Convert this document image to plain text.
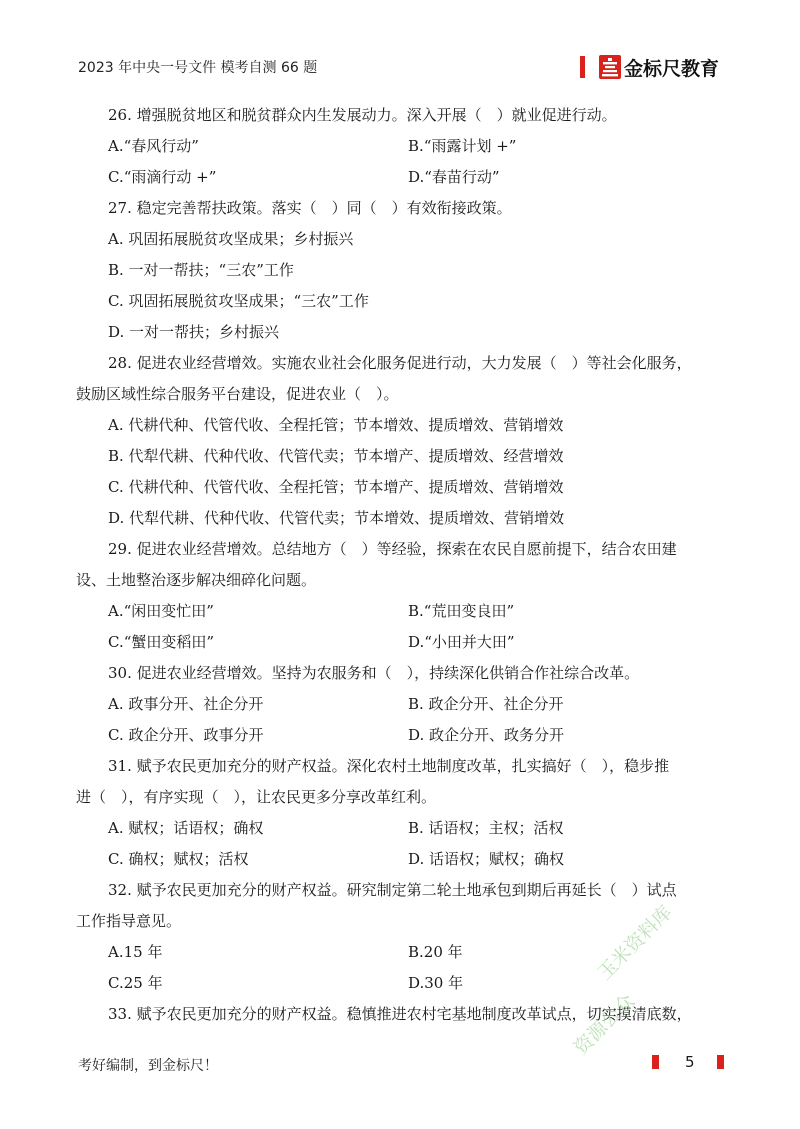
2023 年中央一号文件 模考自测 66 题	金标尺教育
26. 增强脱贫地区和脱贫群众内生发展动力。深入开展（　）就业促进行动。
A.“春风行动”	B.“雨露计划 +”
C.“雨滴行动 +”	D.“春苗行动”
27. 稳定完善帮扶政策。落实（　）同（　）有效衔接政策。
A. 巩固拓展脱贫攻坚成果；乡村振兴
B. 一对一帮扶；“三农”工作
C. 巩固拓展脱贫攻坚成果；“三农”工作
D. 一对一帮扶；乡村振兴
28. 促进农业经营增效。实施农业社会化服务促进行动，大力发展（　）等社会化服务，
鼓励区域性综合服务平台建设，促进农业（　）。
A. 代耕代种、代管代收、全程托管；节本增效、提质增效、营销增效
B. 代犁代耕、代种代收、代管代卖；节本增产、提质增效、经营增效
C. 代耕代种、代管代收、全程托管；节本增产、提质增效、营销增效
D. 代犁代耕、代种代收、代管代卖；节本增效、提质增效、营销增效
29. 促进农业经营增效。总结地方（　）等经验，探索在农民自愿前提下，结合农田建
设、土地整治逐步解决细碎化问题。
A.“闲田变忙田”	B.“荒田变良田”
C.“蟹田变稻田”	D.“小田并大田”
30. 促进农业经营增效。坚持为农服务和（　），持续深化供销合作社综合改革。
A. 政事分开、社企分开	B. 政企分开、社企分开
C. 政企分开、政事分开	D. 政企分开、政务分开
31. 赋予农民更加充分的财产权益。深化农村土地制度改革，扎实搞好（　），稳步推
进（　），有序实现（　），让农民更多分享改革红利。
A. 赋权；话语权；确权	B. 话语权；主权；活权
C. 确权；赋权；活权	D. 话语权；赋权；确权
32. 赋予农民更加充分的财产权益。研究制定第二轮土地承包到期后再延长（　）试点
工作指导意见。
A.15 年	B.20 年
C.25 年	D.30 年
33. 赋予农民更加充分的财产权益。稳慎推进农村宅基地制度改革试点，切实摸清底数，
考好编制，到金标尺！	5
玉米资料库
资源公众
